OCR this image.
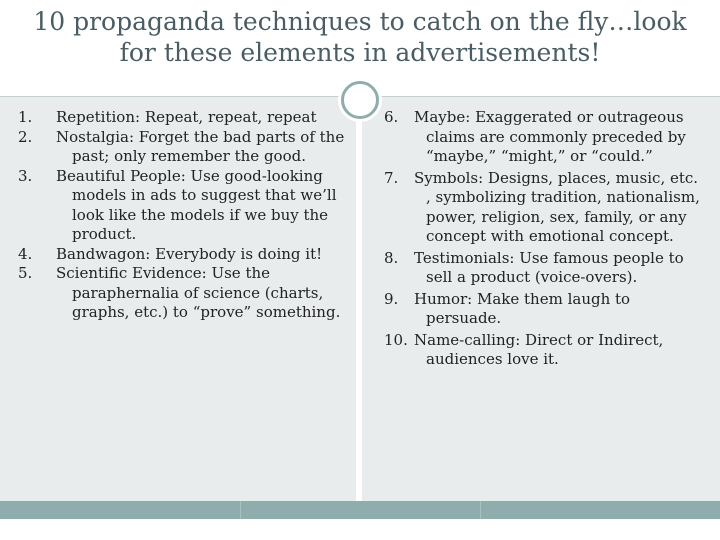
10 propaganda techniques to catch on the fly…look
for these elements in advertisements!
1. Repetition: Repeat, repeat, repeat
2. Nostalgia: Forget the bad parts of the past; only remember the good.
3. Beautiful People: Use good-looking models in ads to suggest that we’ll look like the models if we buy the product.
4. Bandwagon: Everybody is doing it!
5. Scientific Evidence: Use the paraphernalia of science (charts, graphs, etc.) to “prove” something.
6. Maybe: Exaggerated or outrageous claims are commonly preceded by “maybe,” “might,” or “could.”
7. Symbols: Designs, places, music, etc. , symbolizing tradition, nationalism, power, religion, sex, family, or any concept with emotional concept.
8. Testimonials: Use famous people to sell a product (voice-overs).
9. Humor: Make them laugh to persuade.
10. Name-calling: Direct or Indirect, audiences love it.
